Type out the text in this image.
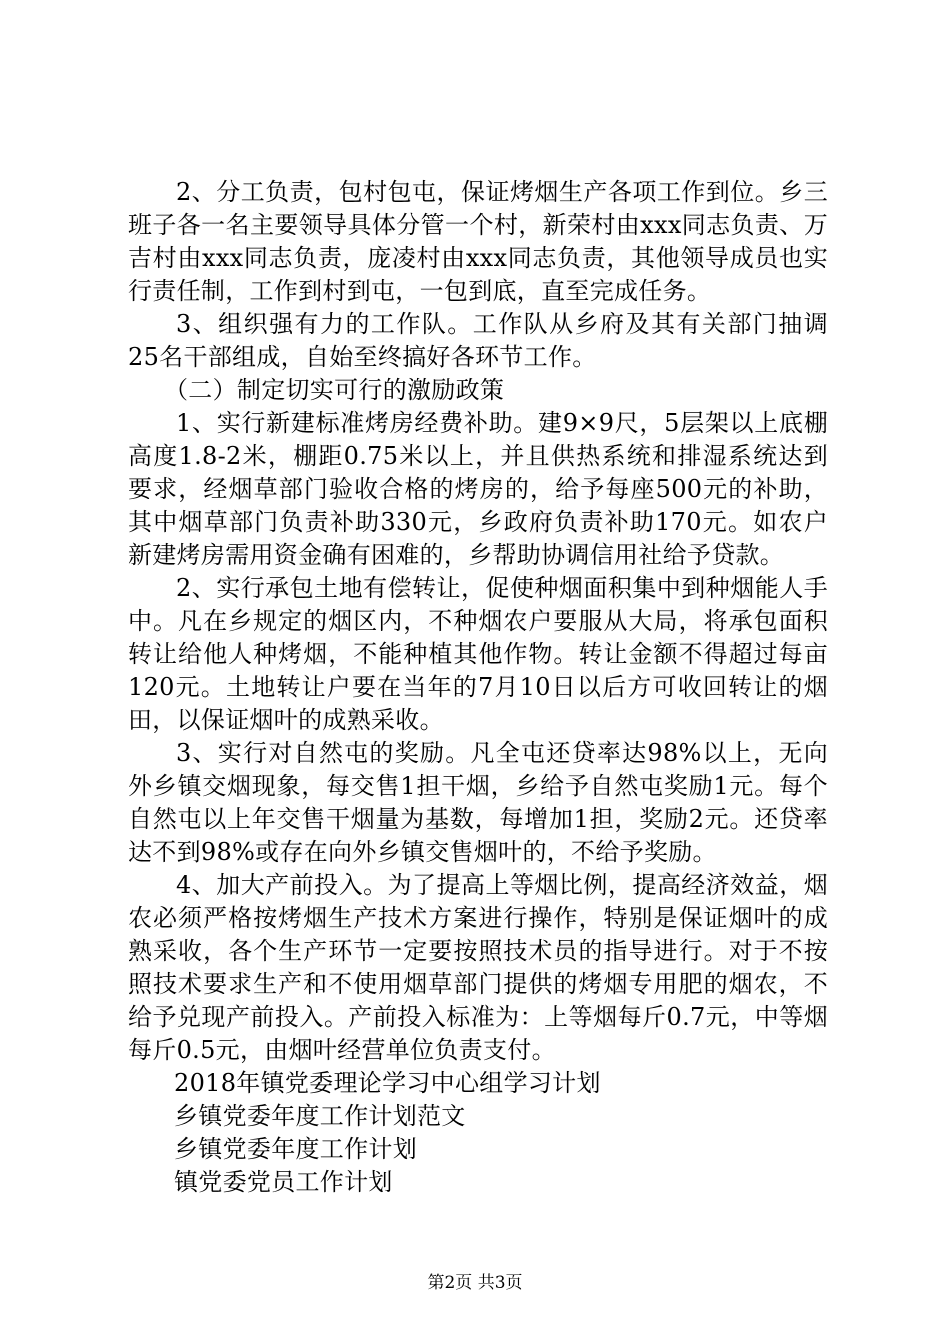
2、分工负责，包村包屯，保证烤烟生产各项工作到位。乡三班子各一名主要领导具体分管一个村，新荣村由xxx同志负责、万吉村由xxx同志负责，庞凌村由xxx同志负责，其他领导成员也实行责任制，工作到村到屯，一包到底，直至完成任务。

3、组织强有力的工作队。工作队从乡府及其有关部门抽调25名干部组成，自始至终搞好各环节工作。

（二）制定切实可行的激励政策

1、实行新建标准烤房经费补助。建9×9尺，5层架以上底棚高度1.8-2米，棚距0.75米以上，并且供热系统和排湿系统达到要求，经烟草部门验收合格的烤房的，给予每座500元的补助，其中烟草部门负责补助330元，乡政府负责补助170元。如农户新建烤房需用资金确有困难的，乡帮助协调信用社给予贷款。

2、实行承包土地有偿转让，促使种烟面积集中到种烟能人手中。凡在乡规定的烟区内，不种烟农户要服从大局，将承包面积转让给他人种烤烟，不能种植其他作物。转让金额不得超过每亩120元。土地转让户要在当年的7月10日以后方可收回转让的烟田，以保证烟叶的成熟采收。

3、实行对自然屯的奖励。凡全屯还贷率达98%以上，无向外乡镇交烟现象，每交售1担干烟，乡给予自然屯奖励1元。每个自然屯以上年交售干烟量为基数，每增加1担，奖励2元。还贷率达不到98%或存在向外乡镇交售烟叶的，不给予奖励。

4、加大产前投入。为了提高上等烟比例，提高经济效益，烟农必须严格按烤烟生产技术方案进行操作，特别是保证烟叶的成熟采收，各个生产环节一定要按照技术员的指导进行。对于不按照技术要求生产和不使用烟草部门提供的烤烟专用肥的烟农，不给予兑现产前投入。产前投入标准为：上等烟每斤0.7元，中等烟每斤0.5元，由烟叶经营单位负责支付。

2018年镇党委理论学习中心组学习计划
乡镇党委年度工作计划范文
乡镇党委年度工作计划
镇党委党员工作计划
第2页 共3页
